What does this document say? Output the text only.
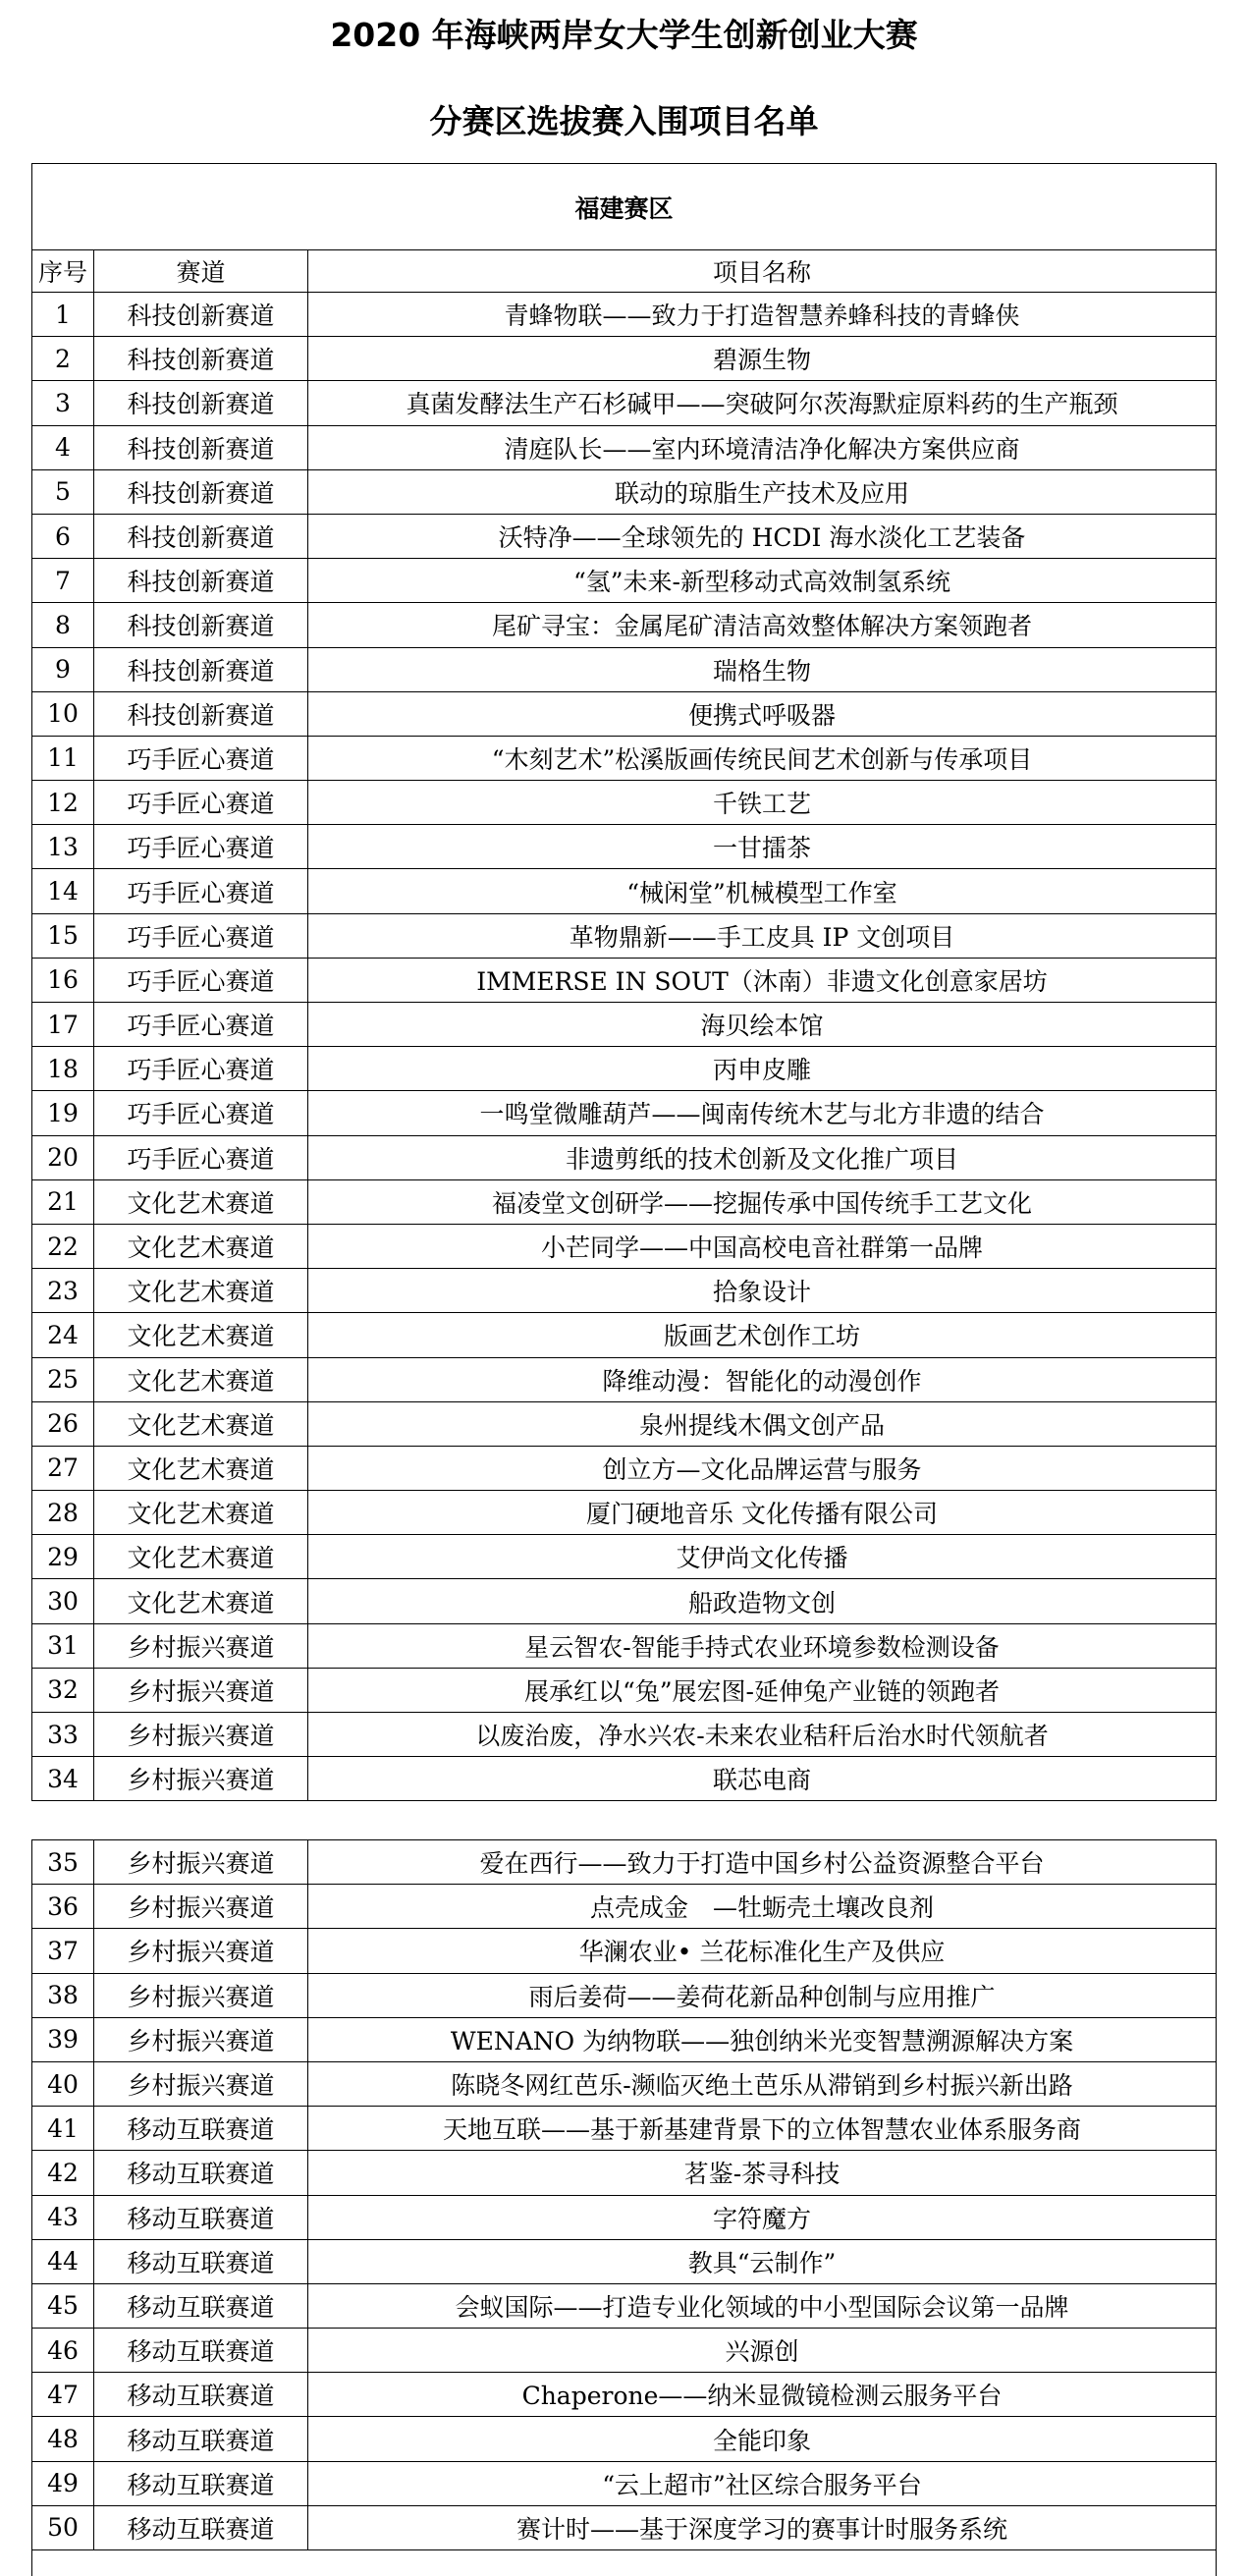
2020 年海峡两岸女大学生创新创业大赛
分赛区选拔赛入围项目名单
福建赛区		
序号	赛道	项目名称
1	科技创新赛道	青蜂物联——致力于打造智慧养蜂科技的青蜂侠
2	科技创新赛道	碧源生物
3	科技创新赛道	真菌发酵法生产石杉碱甲——突破阿尔茨海默症原料药的生产瓶颈
4	科技创新赛道	清庭队长——室内环境清洁净化解决方案供应商
5	科技创新赛道	联动的琼脂生产技术及应用
6	科技创新赛道	沃特净——全球领先的 HCDI 海水淡化工艺装备
7	科技创新赛道	“氢”未来-新型移动式高效制氢系统
8	科技创新赛道	尾矿寻宝：金属尾矿清洁高效整体解决方案领跑者
9	科技创新赛道	瑞格生物
10	科技创新赛道	便携式呼吸器
11	巧手匠心赛道	“木刻艺术”松溪版画传统民间艺术创新与传承项目
12	巧手匠心赛道	千铁工艺
13	巧手匠心赛道	一甘擂茶
14	巧手匠心赛道	“械闲堂”机械模型工作室
15	巧手匠心赛道	革物鼎新——手工皮具 IP 文创项目
16	巧手匠心赛道	IMMERSE IN SOUT（沐南）非遗文化创意家居坊
17	巧手匠心赛道	海贝绘本馆
18	巧手匠心赛道	丙申皮雕
19	巧手匠心赛道	一鸣堂微雕葫芦——闽南传统木艺与北方非遗的结合
20	巧手匠心赛道	非遗剪纸的技术创新及文化推广项目
21	文化艺术赛道	福凌堂文创研学——挖掘传承中国传统手工艺文化
22	文化艺术赛道	小芒同学——中国高校电音社群第一品牌
23	文化艺术赛道	拾象设计
24	文化艺术赛道	版画艺术创作工坊
25	文化艺术赛道	降维动漫：智能化的动漫创作
26	文化艺术赛道	泉州提线木偶文创产品
27	文化艺术赛道	创立方—文化品牌运营与服务
28	文化艺术赛道	厦门硬地音乐 文化传播有限公司
29	文化艺术赛道	艾伊尚文化传播
30	文化艺术赛道	船政造物文创
31	乡村振兴赛道	星云智农-智能手持式农业环境参数检测设备
32	乡村振兴赛道	展承红以“兔”展宏图-延伸兔产业链的领跑者
33	乡村振兴赛道	以废治废，净水兴农-未来农业秸秆后治水时代领航者
34	乡村振兴赛道	联芯电商
35	乡村振兴赛道	爱在西行——致力于打造中国乡村公益资源整合平台
36	乡村振兴赛道	点壳成金　—牡蛎壳土壤改良剂
37	乡村振兴赛道	华澜农业• 兰花标准化生产及供应
38	乡村振兴赛道	雨后姜荷——姜荷花新品种创制与应用推广
39	乡村振兴赛道	WENANO 为纳物联——独创纳米光变智慧溯源解决方案
40	乡村振兴赛道	陈晓冬网红芭乐-濒临灭绝土芭乐从滞销到乡村振兴新出路
41	移动互联赛道	天地互联——基于新基建背景下的立体智慧农业体系服务商
42	移动互联赛道	茗鉴-茶寻科技
43	移动互联赛道	字符魔方
44	移动互联赛道	教具“云制作”
45	移动互联赛道	会蚁国际——打造专业化领域的中小型国际会议第一品牌
46	移动互联赛道	兴源创
47	移动互联赛道	Chaperone——纳米显微镜检测云服务平台
48	移动互联赛道	全能印象
49	移动互联赛道	“云上超市”社区综合服务平台
50	移动互联赛道	赛计时——基于深度学习的赛事计时服务系统
